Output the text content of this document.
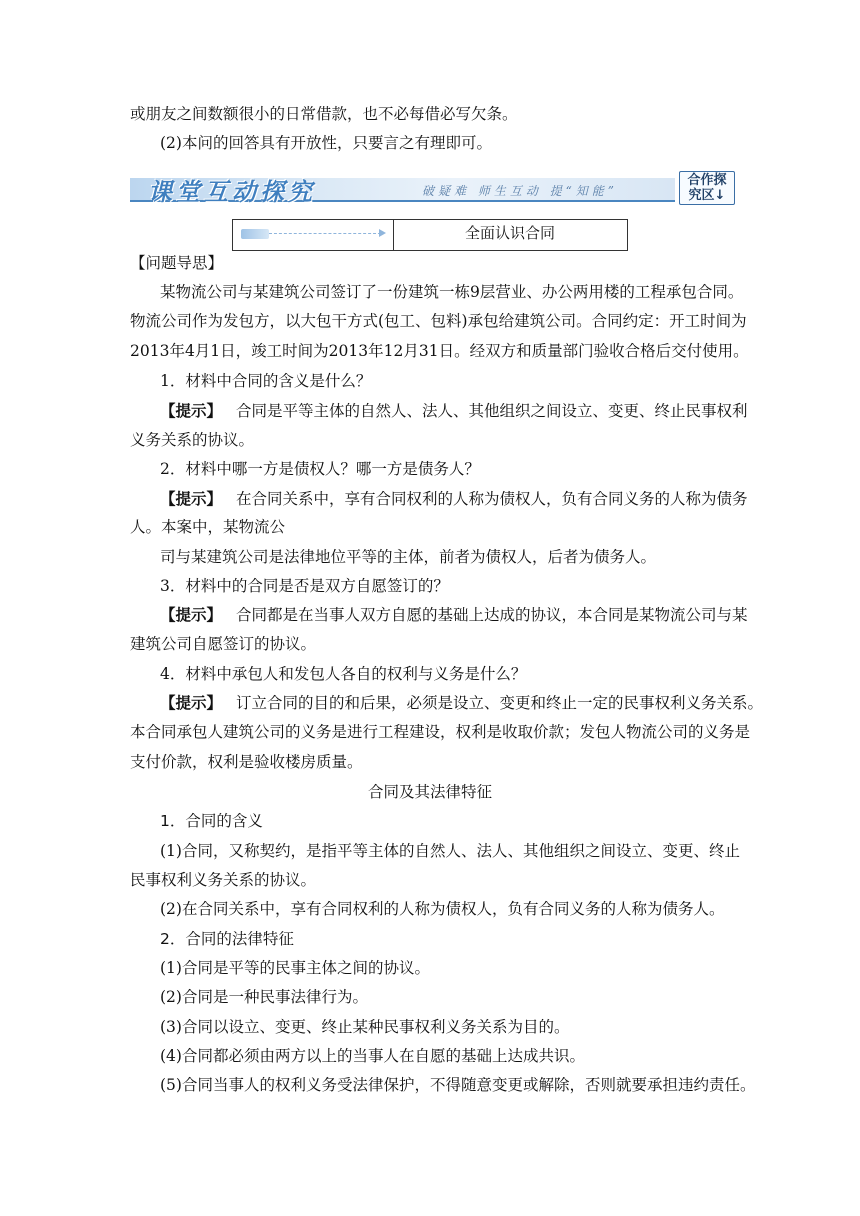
或朋友之间数额很小的日常借款，也不必每借必写欠条。
(2)本问的回答具有开放性，只要言之有理即可。
课堂互动探究	破疑难 师生互动 提“知能”
合作探
究区↓
全面认识合同
【问题导思】
某物流公司与某建筑公司签订了一份建筑一栋9层营业、办公两用楼的工程承包合同。
物流公司作为发包方，以大包干方式(包工、包料)承包给建筑公司。合同约定：开工时间为
2013年4月1日，竣工时间为2013年12月31日。经双方和质量部门验收合格后交付使用。
1．材料中合同的含义是什么？
【提示】 合同是平等主体的自然人、法人、其他组织之间设立、变更、终止民事权利
义务关系的协议。
2．材料中哪一方是债权人？哪一方是债务人？
【提示】 在合同关系中，享有合同权利的人称为债权人，负有合同义务的人称为债务
人。本案中，某物流公
司与某建筑公司是法律地位平等的主体，前者为债权人，后者为债务人。
3．材料中的合同是否是双方自愿签订的？
【提示】 合同都是在当事人双方自愿的基础上达成的协议，本合同是某物流公司与某
建筑公司自愿签订的协议。
4．材料中承包人和发包人各自的权利与义务是什么？
【提示】 订立合同的目的和后果，必须是设立、变更和终止一定的民事权利义务关系。
本合同承包人建筑公司的义务是进行工程建设，权利是收取价款；发包人物流公司的义务是
支付价款，权利是验收楼房质量。
合同及其法律特征
1．合同的含义
(1)合同，又称契约，是指平等主体的自然人、法人、其他组织之间设立、变更、终止
民事权利义务关系的协议。
(2)在合同关系中，享有合同权利的人称为债权人，负有合同义务的人称为债务人。
2．合同的法律特征
(1)合同是平等的民事主体之间的协议。
(2)合同是一种民事法律行为。
(3)合同以设立、变更、终止某种民事权利义务关系为目的。
(4)合同都必须由两方以上的当事人在自愿的基础上达成共识。
(5)合同当事人的权利义务受法律保护，不得随意变更或解除，否则就要承担违约责任。
